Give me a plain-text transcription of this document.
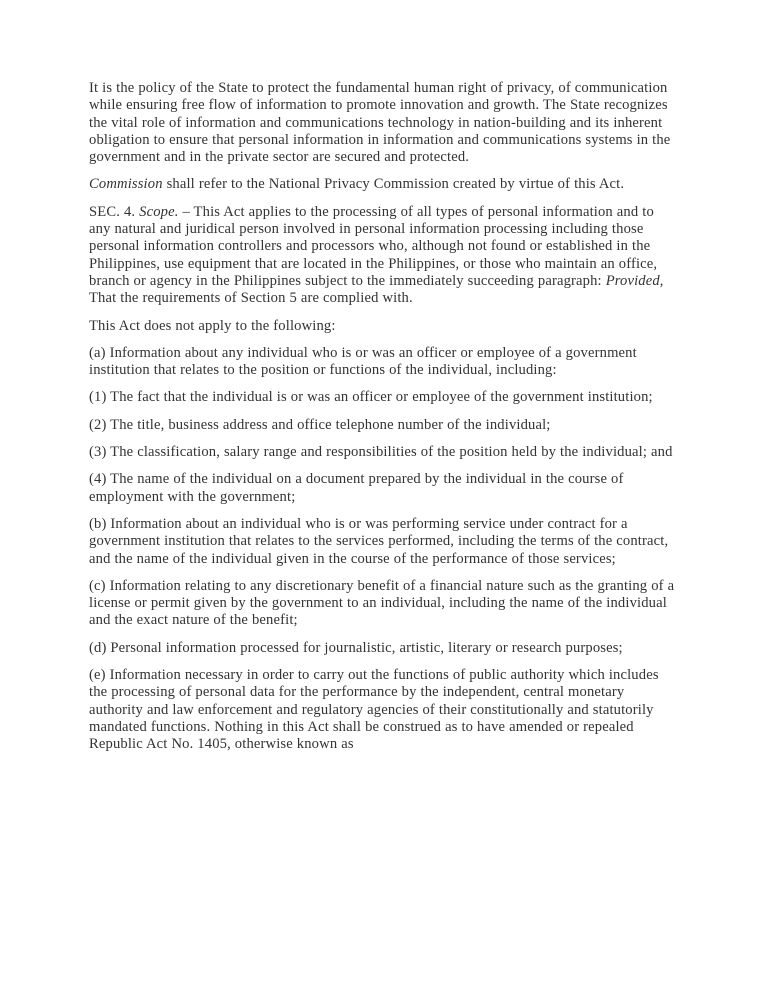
It is the policy of the State to protect the fundamental human right of privacy, of communication while ensuring free flow of information to promote innovation and growth. The State recognizes the vital role of information and communications technology in nation-building and its inherent obligation to ensure that personal information in information and communications systems in the government and in the private sector are secured and protected.

Commission shall refer to the National Privacy Commission created by virtue of this Act.

SEC. 4. Scope. – This Act applies to the processing of all types of personal information and to any natural and juridical person involved in personal information processing including those personal information controllers and processors who, although not found or established in the Philippines, use equipment that are located in the Philippines, or those who maintain an office, branch or agency in the Philippines subject to the immediately succeeding paragraph: Provided, That the requirements of Section 5 are complied with.

This Act does not apply to the following:

(a) Information about any individual who is or was an officer or employee of a government institution that relates to the position or functions of the individual, including:

(1) The fact that the individual is or was an officer or employee of the government institution;

(2) The title, business address and office telephone number of the individual;

(3) The classification, salary range and responsibilities of the position held by the individual; and

(4) The name of the individual on a document prepared by the individual in the course of employment with the government;

(b) Information about an individual who is or was performing service under contract for a government institution that relates to the services performed, including the terms of the contract, and the name of the individual given in the course of the performance of those services;

(c) Information relating to any discretionary benefit of a financial nature such as the granting of a license or permit given by the government to an individual, including the name of the individual and the exact nature of the benefit;

(d) Personal information processed for journalistic, artistic, literary or research purposes;

(e) Information necessary in order to carry out the functions of public authority which includes the processing of personal data for the performance by the independent, central monetary authority and law enforcement and regulatory agencies of their constitutionally and statutorily mandated functions. Nothing in this Act shall be construed as to have amended or repealed Republic Act No. 1405, otherwise known as
